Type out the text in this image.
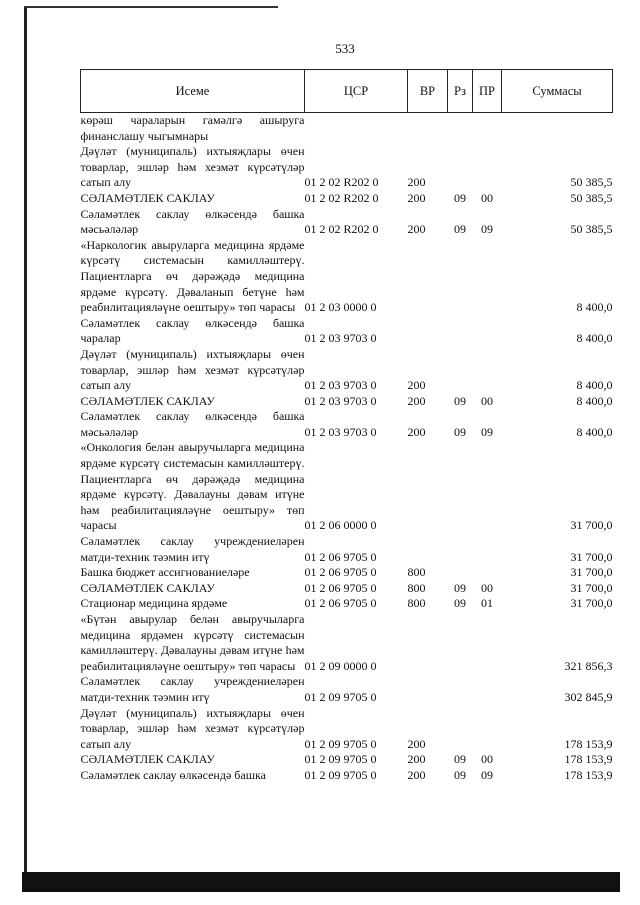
533
Исеме	ЦСР	ВР	Рз	ПР	Суммасы
көрәш чараларын гамәлгә ашыруга финанслашу чыгымнары					
Дәүләт (муниципаль) ихтыяҗлары өчен товарлар, эшләр һәм хезмәт күрсәтүләр сатып алу	01 2 02 R202 0	200			50 385,5
СӘЛАМӘТЛЕК САКЛАУ	01 2 02 R202 0	200	09	00	50 385,5
Сәламәтлек саклау өлкәсендә башка мәсьәләләр	01 2 02 R202 0	200	09	09	50 385,5
«Наркологик авыруларга медицина ярдәме күрсәтү системасын камилләштерү. Пациентларга өч дәрәҗәдә медицина ярдәме күрсәтү. Дәваланып бетүне һәм реабилитацияләүне оештыру» төп чарасы	01 2 03 0000 0				8 400,0
Сәламәтлек саклау өлкәсендә башка чаралар	01 2 03 9703 0				8 400,0
Дәүләт (муниципаль) ихтыяҗлары өчен товарлар, эшләр һәм хезмәт күрсәтүләр сатып алу	01 2 03 9703 0	200			8 400,0
СӘЛАМӘТЛЕК САКЛАУ	01 2 03 9703 0	200	09	00	8 400,0
Сәламәтлек саклау өлкәсендә башка мәсьәләләр	01 2 03 9703 0	200	09	09	8 400,0
«Онкология белән авыручыларга медицина ярдәме күрсәтү системасын камилләштерү. Пациентларга өч дәрәҗәдә медицина ярдәме күрсәтү. Дәвалауны дәвам итүне һәм реабилитацияләүне оештыру» төп чарасы	01 2 06 0000 0				31 700,0
Сәламәтлек саклау учреждениеләрен матди-техник тәэмин итү	01 2 06 9705 0				31 700,0
Башка бюджет ассигнованиеләре	01 2 06 9705 0	800			31 700,0
СӘЛАМӘТЛЕК САКЛАУ	01 2 06 9705 0	800	09	00	31 700,0
Стационар медицина ярдәме	01 2 06 9705 0	800	09	01	31 700,0
«Бүтән авырулар белән авыручыларга медицина ярдәмен күрсәтү системасын камилләштерү. Дәвалауны дәвам итүне һәм реабилитацияләүне оештыру» төп чарасы	01 2 09 0000 0				321 856,3
Сәламәтлек саклау учреждениеләрен матди-техник тәэмин итү	01 2 09 9705 0				302 845,9
Дәүләт (муниципаль) ихтыяҗлары өчен товарлар, эшләр һәм хезмәт күрсәтүләр сатып алу	01 2 09 9705 0	200			178 153,9
СӘЛАМӘТЛЕК САКЛАУ	01 2 09 9705 0	200	09	00	178 153,9
Сәламәтлек саклау өлкәсендә башка	01 2 09 9705 0	200	09	09	178 153,9
